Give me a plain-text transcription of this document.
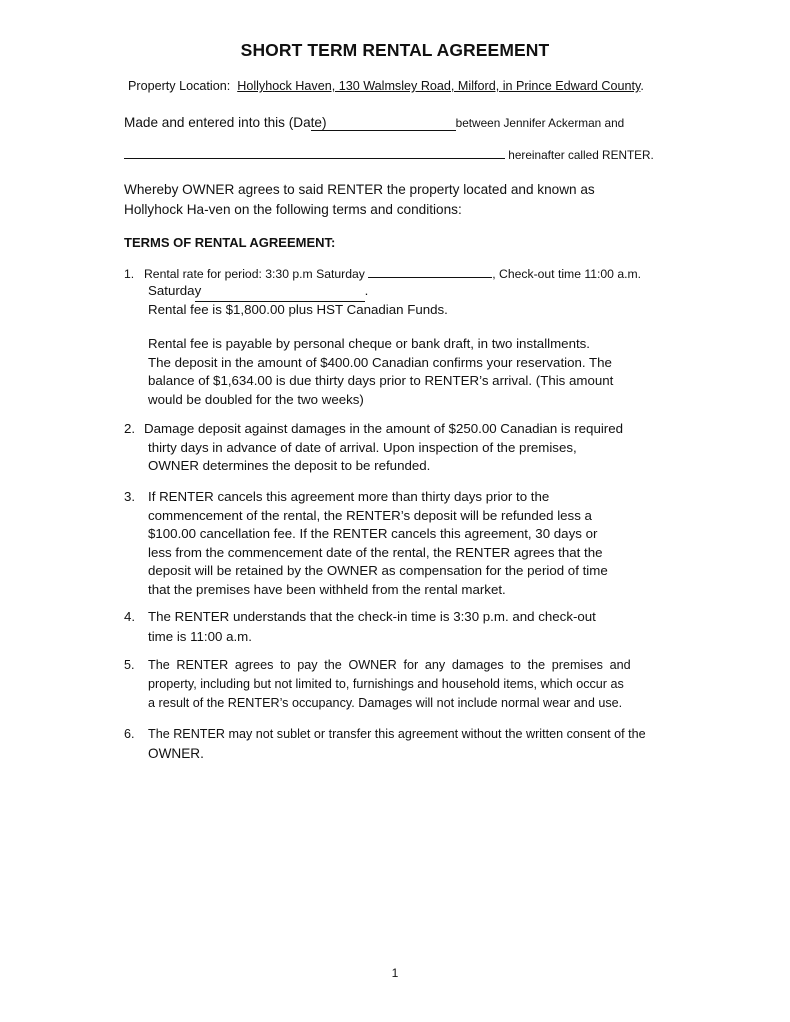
SHORT TERM RENTAL AGREEMENT
Property Location: Hollyhock Haven, 130 Walmsley Road, Milford, in Prince Edward County.
Made and entered into this (Date)	between Jennifer Ackerman and
hereinafter called RENTER.
Whereby OWNER agrees to said RENTER the property located and known as
Hollyhock Ha-ven on the following terms and conditions:
TERMS OF RENTAL AGREEMENT:
1. Rental rate for period: 3:30 p.m Saturday	, Check-out time 11:00 a.m.
Saturday	.
Rental fee is $1,800.00 plus HST Canadian Funds.
Rental fee is payable by personal cheque or bank draft, in two installments.
The deposit in the amount of $400.00 Canadian confirms your reservation. The
balance of $1,634.00 is due thirty days prior to RENTER’s arrival. (This amount
would be doubled for the two weeks)
2. Damage deposit against damages in the amount of $250.00 Canadian is required
thirty days in advance of date of arrival. Upon inspection of the premises,
OWNER determines the deposit to be refunded.
3. If RENTER cancels this agreement more than thirty days prior to the
commencement of the rental, the RENTER’s deposit will be refunded less a
$100.00 cancellation fee. If the RENTER cancels this agreement, 30 days or
less from the commencement date of the rental, the RENTER agrees that the
deposit will be retained by the OWNER as compensation for the period of time
that the premises have been withheld from the rental market.
4. The RENTER understands that the check-in time is 3:30 p.m. and check-out
time is 11:00 a.m.
5. The RENTER agrees to pay the OWNER for any damages to the premises and
property, including but not limited to, furnishings and household items, which occur as
a result of the RENTER’s occupancy. Damages will not include normal wear and use.
6. The RENTER may not sublet or transfer this agreement without the written consent of the
OWNER.
1
